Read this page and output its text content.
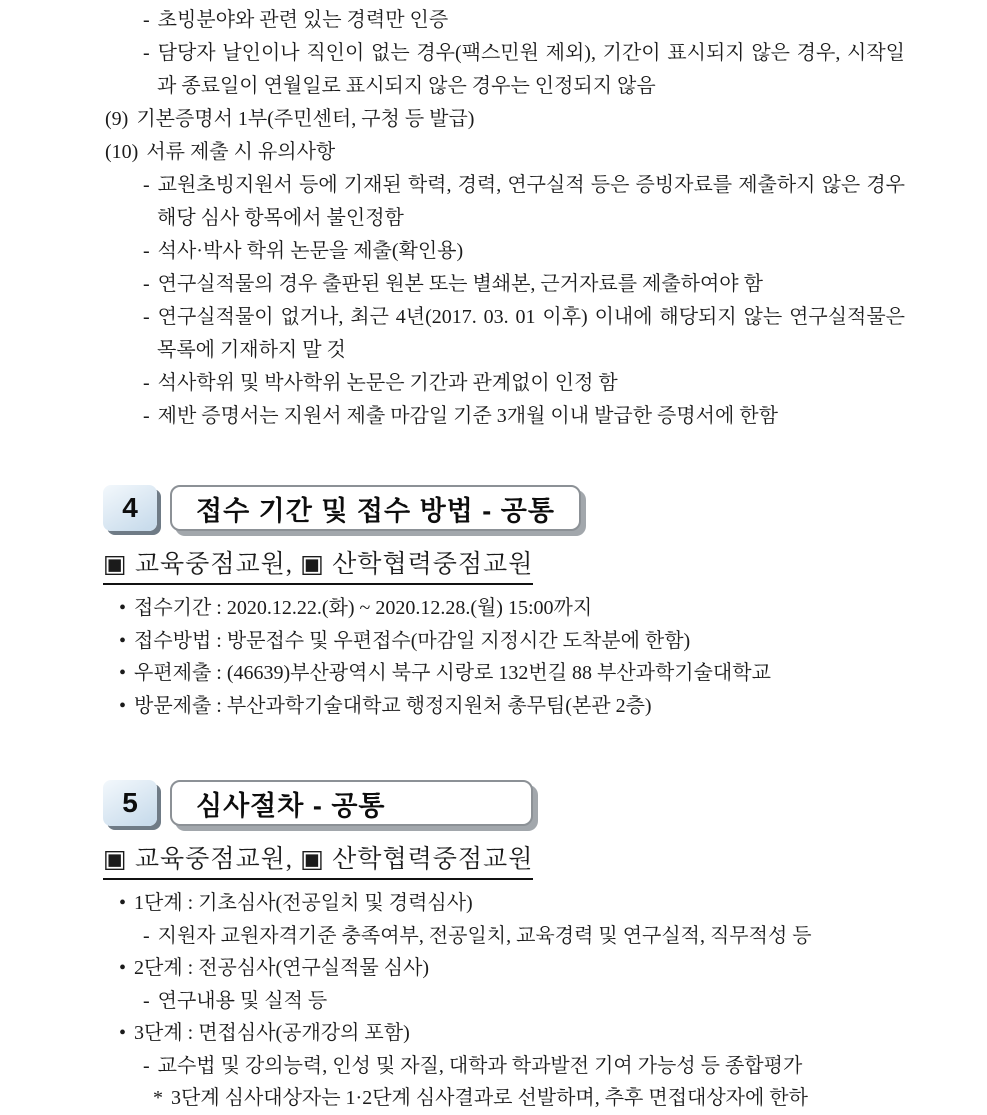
- 초빙분야와 관련 있는 경력만 인증
- 담당자 날인이나 직인이 없는 경우(팩스민원 제외), 기간이 표시되지 않은 경우, 시작일과 종료일이 연월일로 표시되지 않은 경우는 인정되지 않음
(9) 기본증명서 1부(주민센터, 구청 등 발급)
(10) 서류 제출 시 유의사항
- 교원초빙지원서 등에 기재된 학력, 경력, 연구실적 등은 증빙자료를 제출하지 않은 경우 해당 심사 항목에서 불인정함
- 석사·박사 학위 논문을 제출(확인용)
- 연구실적물의 경우 출판된 원본 또는 별쇄본, 근거자료를 제출하여야 함
- 연구실적물이 없거나, 최근 4년(2017. 03. 01 이후) 이내에 해당되지 않는 연구실적물은 목록에 기재하지 말 것
- 석사학위 및 박사학위 논문은 기간과 관계없이 인정 함
- 제반 증명서는 지원서 제출 마감일 기준 3개월 이내 발급한 증명서에 한함
4	접수 기간 및 접수 방법 - 공통
▣ 교육중점교원, ▣ 산학협력중점교원
• 접수기간 : 2020.12.22.(화) ~ 2020.12.28.(월) 15:00까지
• 접수방법 : 방문접수 및 우편접수(마감일 지정시간 도착분에 한함)
• 우편제출 : (46639)부산광역시 북구 시랑로 132번길 88 부산과학기술대학교
• 방문제출 : 부산과학기술대학교 행정지원처 총무팀(본관 2층)
5	심사절차 - 공통
▣ 교육중점교원, ▣ 산학협력중점교원
• 1단계 : 기초심사(전공일치 및 경력심사)
- 지원자 교원자격기준 충족여부, 전공일치, 교육경력 및 연구실적, 직무적성 등
• 2단계 : 전공심사(연구실적물 심사)
- 연구내용 및 실적 등
• 3단계 : 면접심사(공개강의 포함)
- 교수법 및 강의능력, 인성 및 자질, 대학과 학과발전 기여 가능성 등 종합평가
* 3단계 심사대상자는 1·2단계 심사결과로 선발하며, 추후 면접대상자에 한하
